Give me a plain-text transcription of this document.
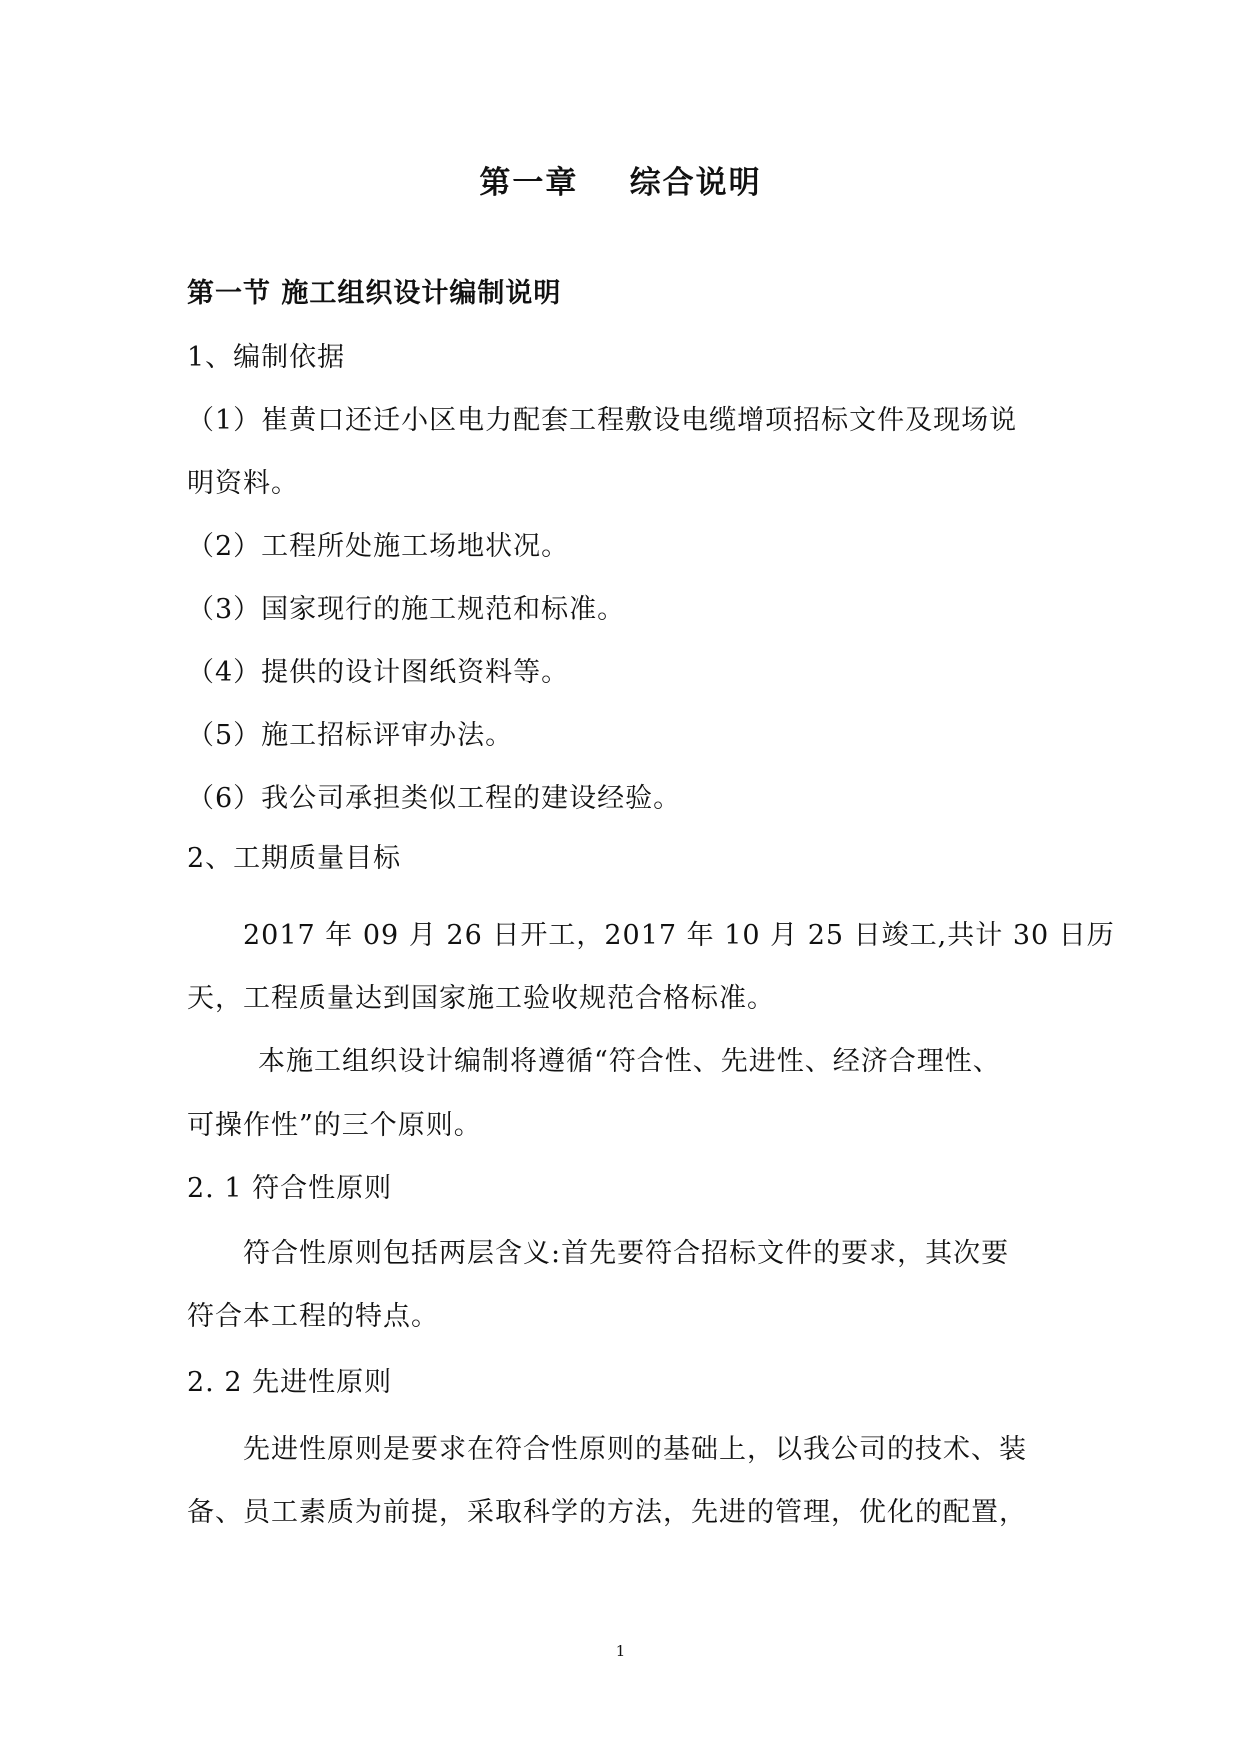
第一章    综合说明
第一节 施工组织设计编制说明
1、编制依据
（1）崔黄口还迁小区电力配套工程敷设电缆增项招标文件及现场说
明资料。
（2）工程所处施工场地状况。
（3）国家现行的施工规范和标准。
（4）提供的设计图纸资料等。
（5）施工招标评审办法。
（6）我公司承担类似工程的建设经验。
2、工期质量目标
2017 年 09 月 26 日开工，2017 年 10 月 25 日竣工,共计 30 日历
天，工程质量达到国家施工验收规范合格标准。
本施工组织设计编制将遵循“符合性、先进性、经济合理性、
可操作性”的三个原则。
2. 1 符合性原则
符合性原则包括两层含义:首先要符合招标文件的要求，其次要
符合本工程的特点。
2. 2 先进性原则
先进性原则是要求在符合性原则的基础上，以我公司的技术、装
备、员工素质为前提，采取科学的方法，先进的管理，优化的配置，
1
